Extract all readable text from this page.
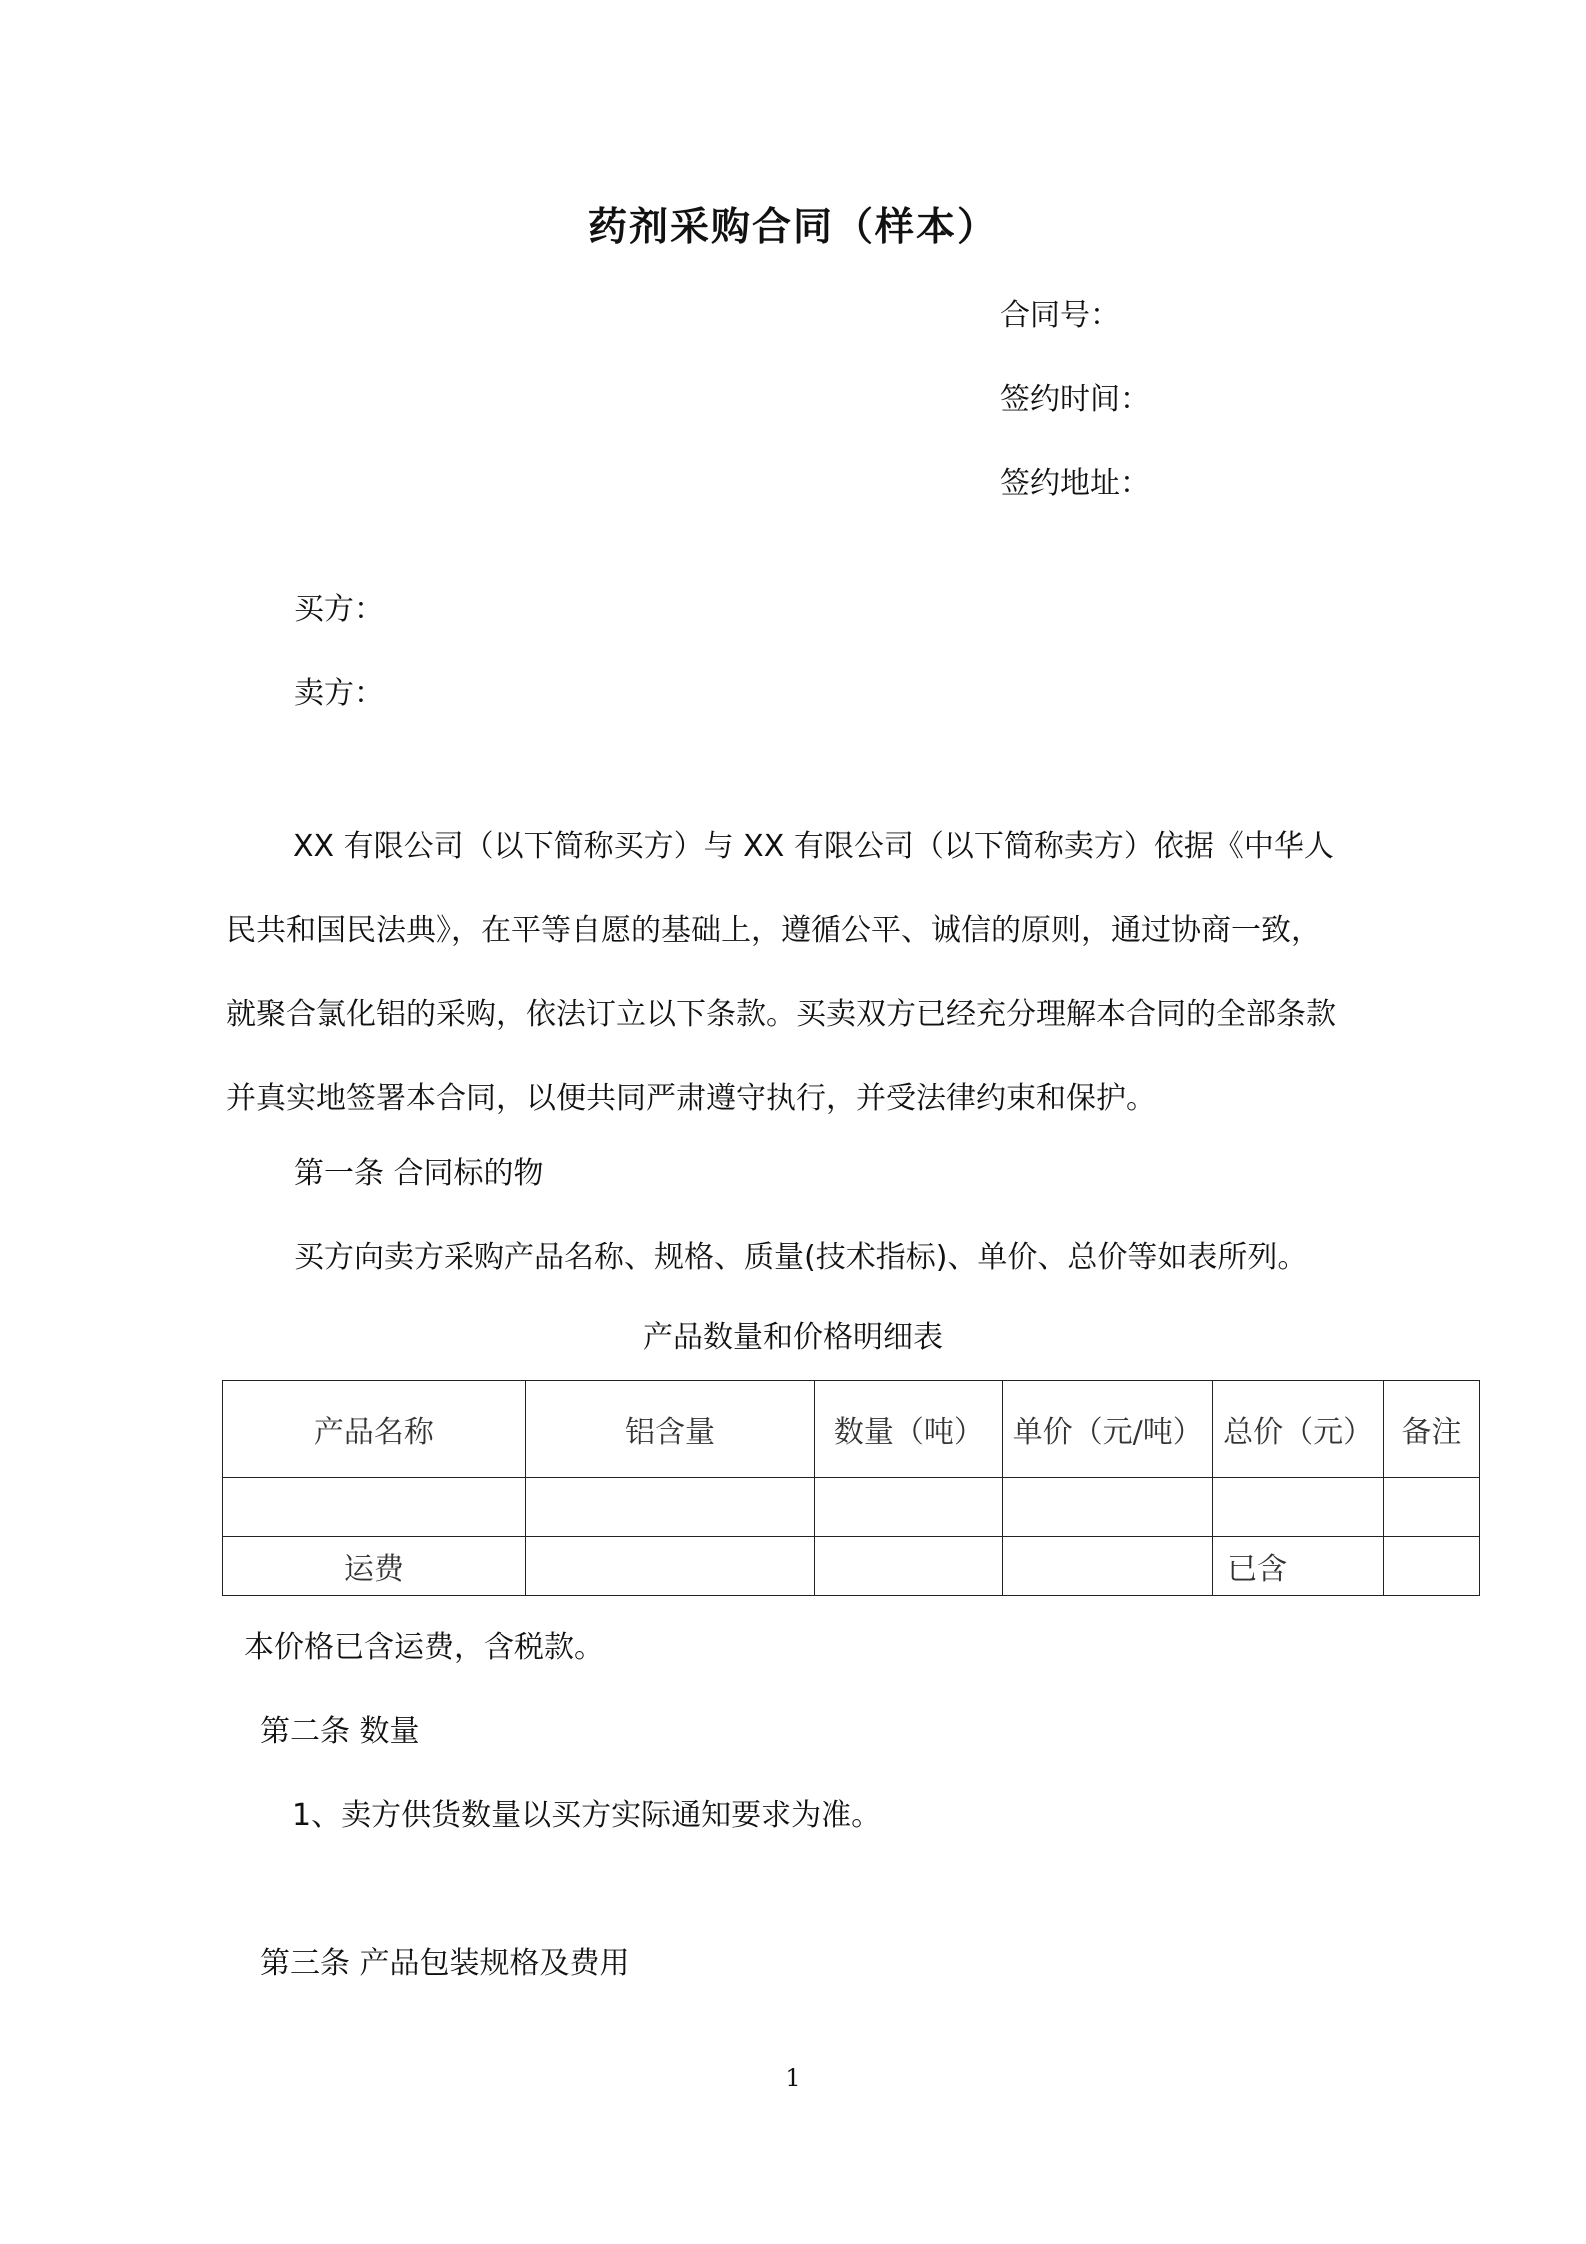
药剂采购合同（样本）
合同号：
签约时间：
签约地址：
买方：
卖方：

XX 有限公司（以下简称买方）与 XX 有限公司（以下简称卖方）依据《中华人

民共和国民法典》，在平等自愿的基础上，遵循公平、诚信的原则，通过协商一致，

就聚合氯化铝的采购，依法订立以下条款。买卖双方已经充分理解本合同的全部条款

并真实地签署本合同，以便共同严肃遵守执行，并受法律约束和保护。

第一条 合同标的物
买方向卖方采购产品名称、规格、质量(技术指标)、单价、总价等如表所列。
产品数量和价格明细表
产品名称	铝含量	数量（吨）	单价（元/吨）	总价（元）	备注

运费				已含	
本价格已含运费，含税款。
第二条 数量
1、卖方供货数量以买方实际通知要求为准。
第三条 产品包装规格及费用
1
